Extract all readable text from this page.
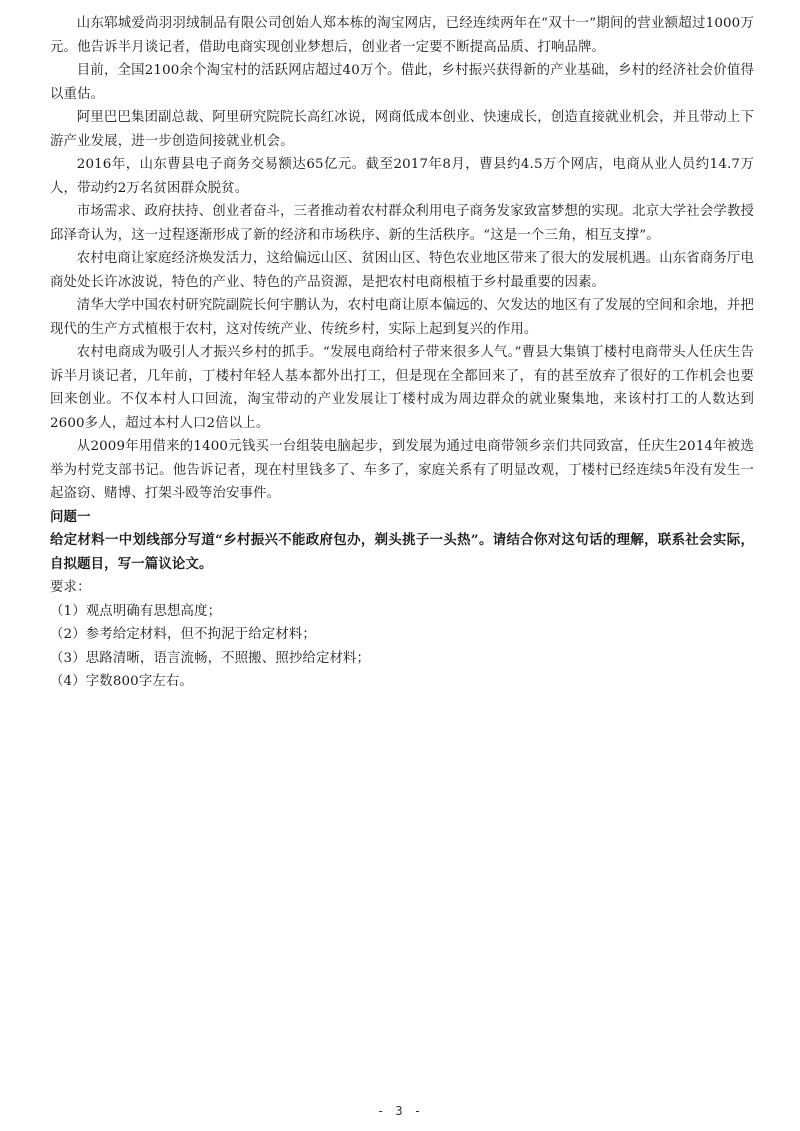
山东郓城爱尚羽羽绒制品有限公司创始人郑本栋的淘宝网店，已经连续两年在“双十一”期间的营业额超过1000万元。他告诉半月谈记者，借助电商实现创业梦想后，创业者一定要不断提高品质、打响品牌。

目前，全国2100余个淘宝村的活跃网店超过40万个。借此，乡村振兴获得新的产业基础，乡村的经济社会价值得以重估。

阿里巴巴集团副总裁、阿里研究院院长高红冰说，网商低成本创业、快速成长，创造直接就业机会，并且带动上下游产业发展，进一步创造间接就业机会。

2016年，山东曹县电子商务交易额达65亿元。截至2017年8月，曹县约4.5万个网店，电商从业人员约14.7万人，带动约2万名贫困群众脱贫。

市场需求、政府扶持、创业者奋斗，三者推动着农村群众利用电子商务发家致富梦想的实现。北京大学社会学教授邱泽奇认为，这一过程逐渐形成了新的经济和市场秩序、新的生活秩序。“这是一个三角，相互支撑”。

农村电商让家庭经济焕发活力，这给偏远山区、贫困山区、特色农业地区带来了很大的发展机遇。山东省商务厅电商处处长许冰波说，特色的产业、特色的产品资源，是把农村电商根植于乡村最重要的因素。

清华大学中国农村研究院副院长何宇鹏认为，农村电商让原本偏远的、欠发达的地区有了发展的空间和余地，并把现代的生产方式植根于农村，这对传统产业、传统乡村，实际上起到复兴的作用。

农村电商成为吸引人才振兴乡村的抓手。“发展电商给村子带来很多人气。”曹县大集镇丁楼村电商带头人任庆生告诉半月谈记者，几年前，丁楼村年轻人基本都外出打工，但是现在全都回来了，有的甚至放弃了很好的工作机会也要回来创业。不仅本村人口回流，淘宝带动的产业发展让丁楼村成为周边群众的就业聚集地，来该村打工的人数达到2600多人，超过本村人口2倍以上。

从2009年用借来的1400元钱买一台组装电脑起步，到发展为通过电商带领乡亲们共同致富，任庆生2014年被选举为村党支部书记。他告诉记者，现在村里钱多了、车多了，家庭关系有了明显改观，丁楼村已经连续5年没有发生一起盗窃、赌博、打架斗殴等治安事件。

问题一

给定材料一中划线部分写道“乡村振兴不能政府包办，剃头挑子一头热”。请结合你对这句话的理解，联系社会实际，自拟题目，写一篇议论文。

要求：

（1）观点明确有思想高度；

（2）参考给定材料，但不拘泥于给定材料；

（3）思路清晰，语言流畅，不照搬、照抄给定材料；

（4）字数800字左右。

- 3 -
